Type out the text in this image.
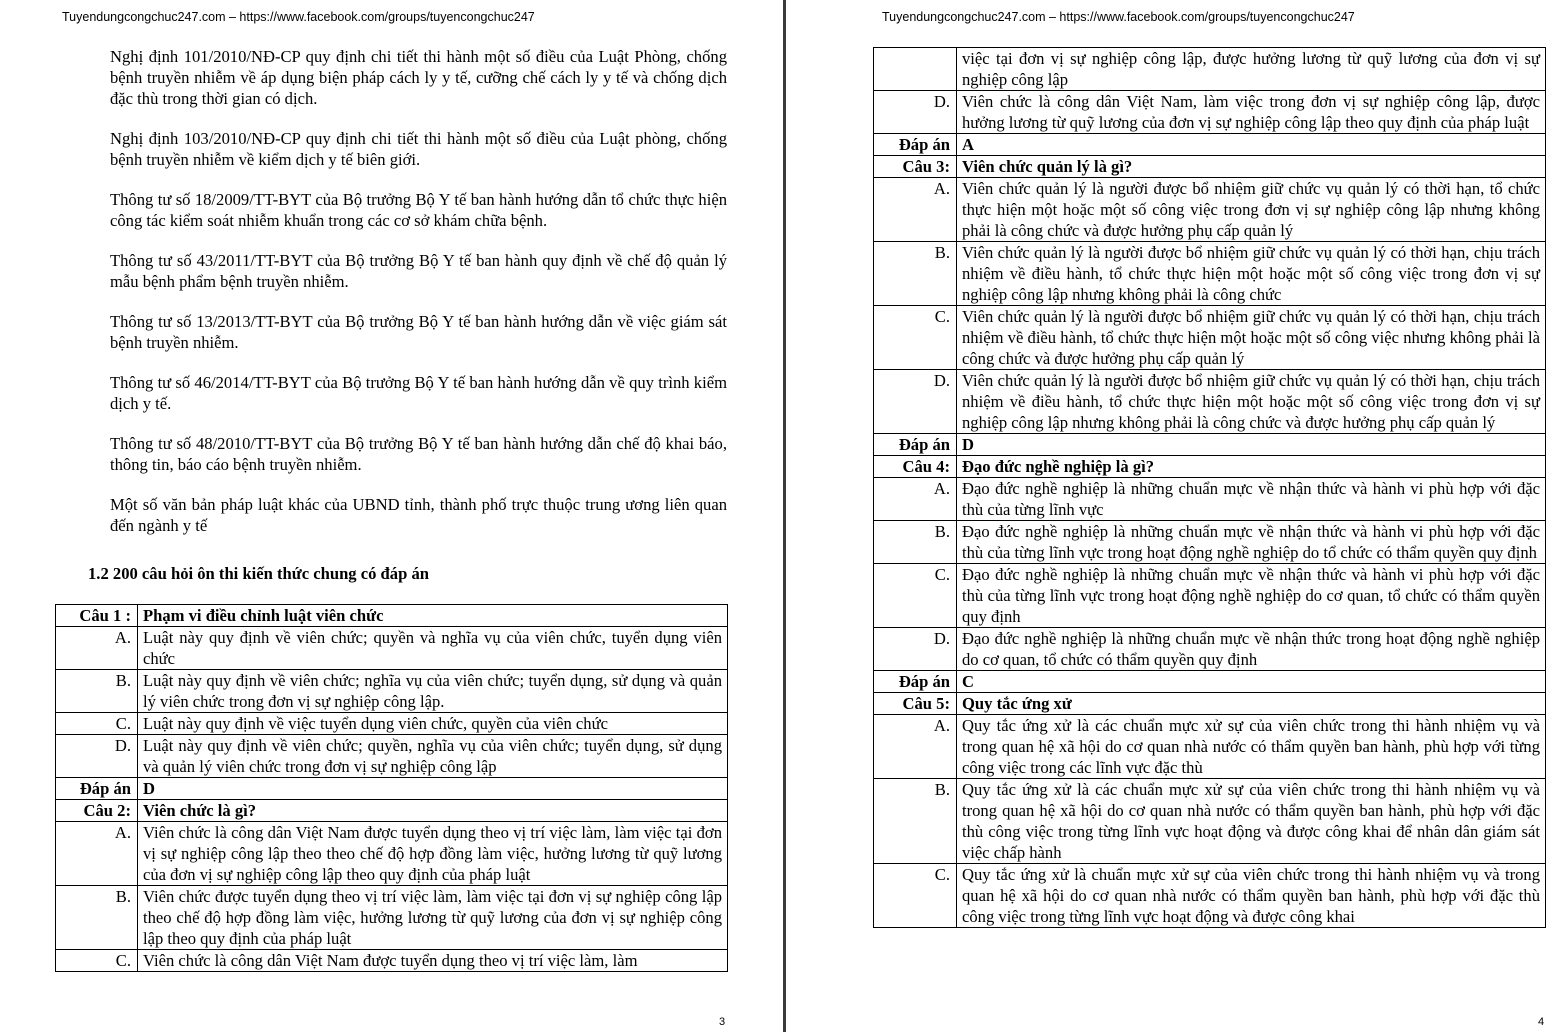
Tuyendungcongchuc247.com – https://www.facebook.com/groups/tuyencongchuc247

Nghị định 101/2010/NĐ-CP quy định chi tiết thi hành một số điều của Luật Phòng, chống bệnh truyền nhiễm về áp dụng biện pháp cách ly y tế, cưỡng chế cách ly y tế và chống dịch đặc thù trong thời gian có dịch.

Nghị định 103/2010/NĐ-CP quy định chi tiết thi hành một số điều của Luật phòng, chống bệnh truyền nhiễm về kiểm dịch y tế biên giới.

Thông tư số 18/2009/TT-BYT của Bộ trưởng Bộ Y tế ban hành hướng dẫn tổ chức thực hiện công tác kiểm soát nhiễm khuẩn trong các cơ sở khám chữa bệnh.

Thông tư số 43/2011/TT-BYT của Bộ trưởng Bộ Y tế ban hành quy định về chế độ quản lý mẫu bệnh phẩm bệnh truyền nhiễm.

Thông tư số 13/2013/TT-BYT của Bộ trưởng Bộ Y tế ban hành hướng dẫn về việc giám sát bệnh truyền nhiễm.

Thông tư số 46/2014/TT-BYT của Bộ trưởng Bộ Y tế ban hành hướng dẫn về quy trình kiểm dịch y tế.

Thông tư số 48/2010/TT-BYT của Bộ trưởng Bộ Y tế ban hành hướng dẫn chế độ khai báo, thông tin, báo cáo bệnh truyền nhiễm.

Một số văn bản pháp luật khác của UBND tỉnh, thành phố trực thuộc trung ương liên quan đến ngành y tế

1.2 200 câu hỏi ôn thi kiến thức chung có đáp án
Câu 1 :	Phạm vi điều chỉnh luật viên chức
A.	Luật này quy định về viên chức; quyền và nghĩa vụ của viên chức, tuyển dụng viên chức
B.	Luật này quy định về viên chức; nghĩa vụ của viên chức; tuyển dụng, sử dụng và quản lý viên chức trong đơn vị sự nghiệp công lập.
C.	Luật này quy định về việc tuyển dụng viên chức, quyền của viên chức
D.	Luật này quy định về viên chức; quyền, nghĩa vụ của viên chức; tuyển dụng, sử dụng và quản lý viên chức trong đơn vị sự nghiệp công lập
Đáp án	D
Câu 2:	Viên chức là gì?
A.	Viên chức là công dân Việt Nam được tuyển dụng theo vị trí việc làm, làm việc tại đơn vị sự nghiệp công lập theo theo chế độ hợp đồng làm việc, hưởng lương từ quỹ lương của đơn vị sự nghiệp công lập theo quy định của pháp luật
B.	Viên chức được tuyển dụng theo vị trí việc làm, làm việc tại đơn vị sự nghiệp công lập theo chế độ hợp đồng làm việc, hưởng lương từ quỹ lương của đơn vị sự nghiệp công lập theo quy định của pháp luật
C.	Viên chức là công dân Việt Nam được tuyển dụng theo vị trí việc làm, làm
3
Tuyendungcongchuc247.com – https://www.facebook.com/groups/tuyencongchuc247
	việc tại đơn vị sự nghiệp công lập, được hưởng lương từ quỹ lương của đơn vị sự nghiệp công lập
D.	Viên chức là công dân Việt Nam, làm việc trong đơn vị sự nghiệp công lập, được hưởng lương từ quỹ lương của đơn vị sự nghiệp công lập theo quy định của pháp luật
Đáp án	A
Câu 3:	Viên chức quản lý là gì?
A.	Viên chức quản lý là người được bổ nhiệm giữ chức vụ quản lý có thời hạn, tổ chức thực hiện một hoặc một số công việc trong đơn vị sự nghiệp công lập nhưng không phải là công chức và được hưởng phụ cấp quản lý
B.	Viên chức quản lý là người được bổ nhiệm giữ chức vụ quản lý có thời hạn, chịu trách nhiệm về điều hành, tổ chức thực hiện một hoặc một số công việc trong đơn vị sự nghiệp công lập nhưng không phải là công chức
C.	Viên chức quản lý là người được bổ nhiệm giữ chức vụ quản lý có thời hạn, chịu trách nhiệm về điều hành, tổ chức thực hiện một hoặc một số công việc nhưng không phải là công chức và được hưởng phụ cấp quản lý
D.	Viên chức quản lý là người được bổ nhiệm giữ chức vụ quản lý có thời hạn, chịu trách nhiệm về điều hành, tổ chức thực hiện một hoặc một số công việc trong đơn vị sự nghiệp công lập nhưng không phải là công chức và được hưởng phụ cấp quản lý
Đáp án	D
Câu 4:	Đạo đức nghề nghiệp là gì?
A.	Đạo đức nghề nghiệp là những chuẩn mực về nhận thức và hành vi phù hợp với đặc thù của từng lĩnh vực
B.	Đạo đức nghề nghiệp là những chuẩn mực về nhận thức và hành vi phù hợp với đặc thù của từng lĩnh vực trong hoạt động nghề nghiệp do tổ chức có thẩm quyền quy định
C.	Đạo đức nghề nghiệp là những chuẩn mực về nhận thức và hành vi phù hợp với đặc thù của từng lĩnh vực trong hoạt động nghề nghiệp do cơ quan, tổ chức có thẩm quyền quy định
D.	Đạo đức nghề nghiệp là những chuẩn mực về nhận thức trong hoạt động nghề nghiệp do cơ quan, tổ chức có thẩm quyền quy định
Đáp án	C
Câu 5:	Quy tắc ứng xử
A.	Quy tắc ứng xử là các chuẩn mực xử sự của viên chức trong thi hành nhiệm vụ và trong quan hệ xã hội do cơ quan nhà nước có thẩm quyền ban hành, phù hợp với từng công việc trong các lĩnh vực đặc thù
B.	Quy tắc ứng xử là các chuẩn mực xử sự của viên chức trong thi hành nhiệm vụ và trong quan hệ xã hội do cơ quan nhà nước có thẩm quyền ban hành, phù hợp với đặc thù công việc trong từng lĩnh vực hoạt động và được công khai để nhân dân giám sát việc chấp hành
C.	Quy tắc ứng xử là chuẩn mực xử sự của viên chức trong thi hành nhiệm vụ và trong quan hệ xã hội do cơ quan nhà nước có thẩm quyền ban hành, phù hợp với đặc thù công việc trong từng lĩnh vực hoạt động và được công khai
4
